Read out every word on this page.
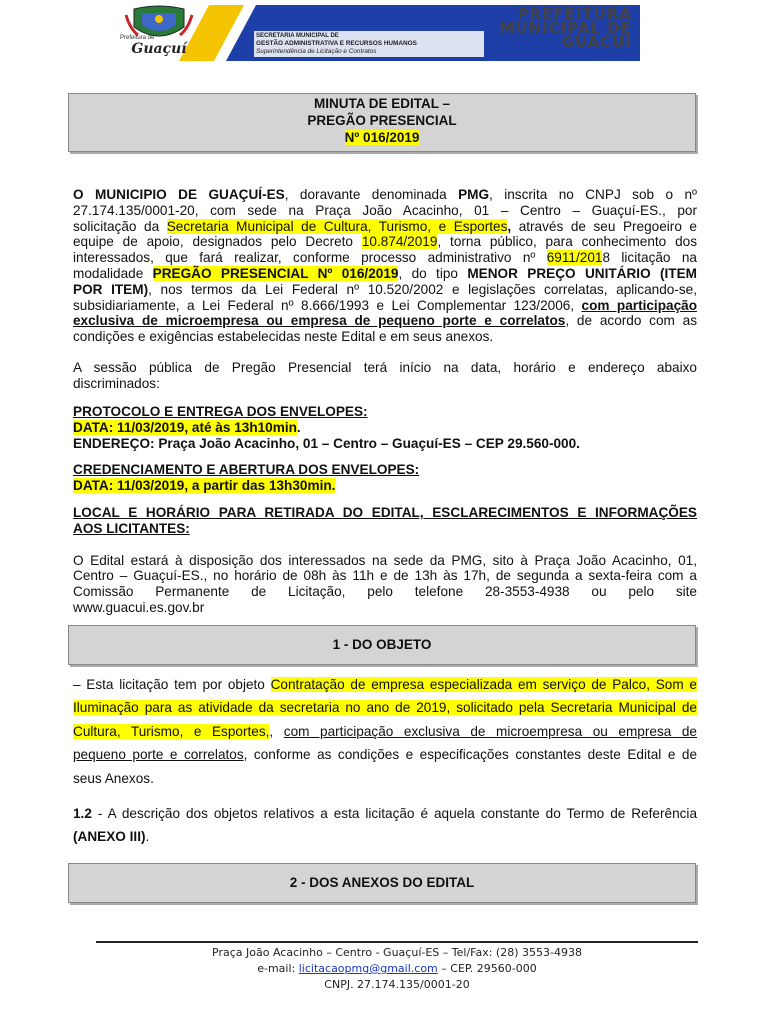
Prefeitura de
Guaçuí
SECRETARIA MUNICIPAL DE
GESTÃO ADMINISTRATIVA E RECURSOS HUMANOS
Superintendência de Licitação e Contratos
PREFEITURA
MUNICIPAL DE
GUAÇUÍ
MINUTA DE EDITAL –
PREGÃO PRESENCIAL
Nº 016/2019
O MUNICIPIO DE GUAÇUÍ-ES, doravante denominada PMG, inscrita no CNPJ sob o nº
27.174.135/0001-20, com sede na Praça João Acacinho, 01 – Centro – Guaçuí-ES., por
solicitação da Secretaria Municipal de Cultura, Turismo, e Esportes, através de seu Pregoeiro e
equipe de apoio, designados pelo Decreto 10.874/2019, torna público, para conhecimento dos
interessados, que fará realizar, conforme processo administrativo nº 6911/2018 licitação na
modalidade PREGÃO PRESENCIAL Nº 016/2019, do tipo MENOR PREÇO UNITÁRIO (ITEM
POR ITEM), nos termos da Lei Federal nº 10.520/2002 e legislações correlatas, aplicando-se,
subsidiariamente, a Lei Federal nº 8.666/1993 e Lei Complementar 123/2006, com participação
exclusiva de microempresa ou empresa de pequeno porte e correlatos, de acordo com as
condições e exigências estabelecidas neste Edital e em seus anexos.
A sessão pública de Pregão Presencial terá início na data, horário e endereço abaixo
discriminados:
PROTOCOLO E ENTREGA DOS ENVELOPES:
DATA: 11/03/2019, até às 13h10min.
ENDEREÇO: Praça João Acacinho, 01 – Centro – Guaçuí-ES – CEP 29.560-000.
CREDENCIAMENTO E ABERTURA DOS ENVELOPES:
DATA: 11/03/2019, a partir das 13h30min.
LOCAL E HORÁRIO PARA RETIRADA DO EDITAL, ESCLARECIMENTOS E INFORMAÇÕES
AOS LICITANTES:
O Edital estará à disposição dos interessados na sede da PMG, sito à Praça João Acacinho, 01,
Centro – Guaçuí-ES., no horário de 08h às 11h e de 13h às 17h, de segunda a sexta-feira com a
Comissão Permanente de Licitação, pelo telefone 28-3553-4938 ou pelo site
www.guacui.es.gov.br
1 - DO OBJETO
– Esta licitação tem por objeto Contratação de empresa especializada em serviço de Palco, Som e
Iluminação para as atividade da secretaria no ano de 2019, solicitado pela Secretaria Municipal de
Cultura, Turismo, e Esportes,, com participação exclusiva de microempresa ou empresa de
pequeno porte e correlatos, conforme as condições e especificações constantes deste Edital e de
seus Anexos.
1.2 - A descrição dos objetos relativos a esta licitação é aquela constante do Termo de Referência
(ANEXO III).
2 - DOS ANEXOS DO EDITAL
Praça João Acacinho – Centro - Guaçuí-ES – Tel/Fax: (28) 3553-4938
e-mail: licitacaopmg@gmail.com – CEP. 29560-000
CNPJ. 27.174.135/0001-20
